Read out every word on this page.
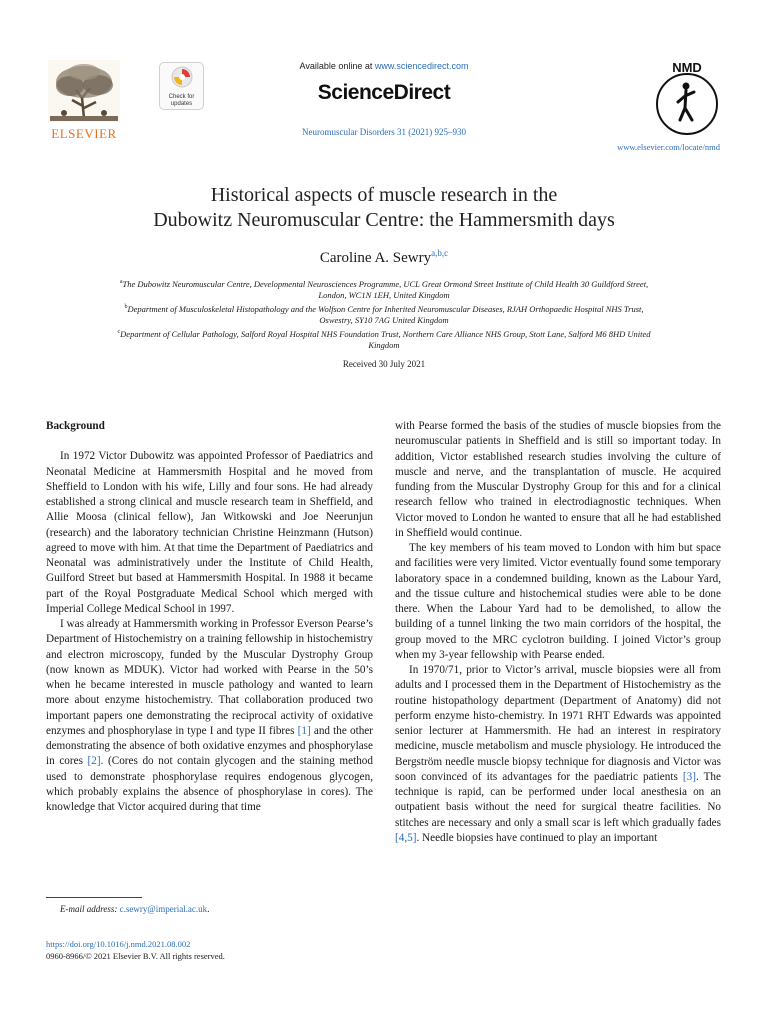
ELSEVIER
Check for updates
Available online at www.sciencedirect.com
ScienceDirect
Neuromuscular Disorders 31 (2021) 925–930
NMD
www.elsevier.com/locate/nmd
Historical aspects of muscle research in the
Dubowitz Neuromuscular Centre: the Hammersmith days
Caroline A. Sewry$^{a,b,c}$
$^a$The Dubowitz Neuromuscular Centre, Developmental Neurosciences Programme, UCL Great Ormond Street Institute of Child Health 30 Guildford Street,
London, WC1N 1EH, United Kingdom
$^b$Department of Musculoskeletal Histopathology and the Wolfson Centre for Inherited Neuromuscular Diseases, RJAH Orthopaedic Hospital NHS Trust,
Oswestry, SY10 7AG United Kingdom
$^c$Department of Cellular Pathology, Salford Royal Hospital NHS Foundation Trust, Northern Care Alliance NHS Group, Stott Lane, Salford M6 8HD United
Kingdom
Received 30 July 2021
Background

In 1972 Victor Dubowitz was appointed Professor of Paediatrics and Neonatal Medicine at Hammersmith Hospital and he moved from Sheffield to London with his wife, Lilly and four sons. He had already established a strong clinical and muscle research team in Sheffield, and Allie Moosa (clinical fellow), Jan Witkowski and Joe Neerunjun (research) and the laboratory technician Christine Heinzmann (Hutson) agreed to move with him. At that time the Department of Paediatrics and Neonatal was administratively under the Institute of Child Health, Guilford Street but based at Hammersmith Hospital. In 1988 it became part of the Royal Postgraduate Medical School which merged with Imperial College Medical School in 1997.

I was already at Hammersmith working in Professor Everson Pearse’s Department of Histochemistry on a training fellowship in histochemistry and electron microscopy, funded by the Muscular Dystrophy Group (now known as MDUK). Victor had worked with Pearse in the 50’s when he became interested in muscle pathology and wanted to learn more about enzyme histochemistry. That collaboration produced two important papers one demonstrating the reciprocal activity of oxidative enzymes and phosphorylase in type I and type II fibres [1] and the other demonstrating the absence of both oxidative enzymes and phosphorylase in cores [2]. (Cores do not contain glycogen and the staining method used to demonstrate phosphorylase requires endogenous glycogen, which probably explains the absence of phosphorylase in cores). The knowledge that Victor acquired during that time

with Pearse formed the basis of the studies of muscle biopsies from the neuromuscular patients in Sheffield and is still so important today. In addition, Victor established research studies involving the culture of muscle and nerve, and the transplantation of muscle. He acquired funding from the Muscular Dystrophy Group for this and for a clinical research fellow who trained in electrodiagnostic techniques. When Victor moved to London he wanted to ensure that all he had established in Sheffield would continue.

The key members of his team moved to London with him but space and facilities were very limited. Victor eventually found some temporary laboratory space in a condemned building, known as the Labour Yard, and the tissue culture and histochemical studies were able to be done there. When the Labour Yard had to be demolished, to allow the building of a tunnel linking the two main corridors of the hospital, the group moved to the MRC cyclotron building. I joined Victor’s group when my 3-year fellowship with Pearse ended.

In 1970/71, prior to Victor’s arrival, muscle biopsies were all from adults and I processed them in the Department of Histochemistry as the routine histopathology department (Department of Anatomy) did not perform enzyme histo-chemistry. In 1971 RHT Edwards was appointed senior lecturer at Hammersmith. He had an interest in respiratory medicine, muscle metabolism and muscle physiology. He introduced the Bergström needle muscle biopsy technique for diagnosis and Victor was soon convinced of its advantages for the paediatric patients [3]. The technique is rapid, can be performed under local anesthesia on an outpatient basis without the need for surgical theatre facilities. No stitches are necessary and only a small scar is left which gradually fades [4,5]. Needle biopsies have continued to play an important

E-mail address: c.sewry@imperial.ac.uk.
https://doi.org/10.1016/j.nmd.2021.08.002
0960-8966/© 2021 Elsevier B.V. All rights reserved.
